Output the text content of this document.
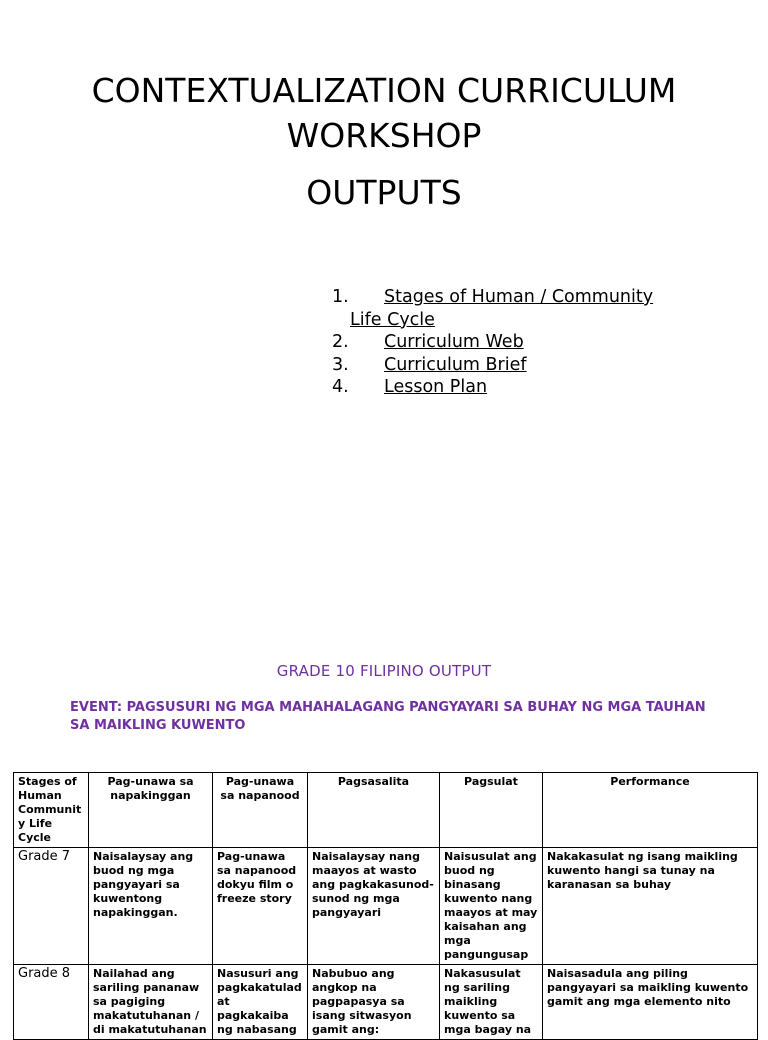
CONTEXTUALIZATION CURRICULUM
WORKSHOP
OUTPUTS
1. Stages of Human / Community
Life Cycle
2. Curriculum Web
3. Curriculum Brief
4. Lesson Plan
GRADE 10 FILIPINO OUTPUT
EVENT: PAGSUSURI NG MGA MAHAHALAGANG PANGYAYARI SA BUHAY NG MGA TAUHAN SA MAIKLING KUWENTO
Stages of Human Communit y Life Cycle	Pag-unawa sa napakinggan	Pag-unawa sa napanood	Pagsasalita	Pagsulat	Performance
Grade 7	Naisalaysay ang buod ng mga pangyayari sa kuwentong napakinggan.	Pag-unawa sa napanood dokyu film o freeze story	Naisalaysay nang maayos at wasto ang pagkakasunod-sunod ng mga pangyayari	Naisusulat ang buod ng binasang kuwento nang maayos at may kaisahan ang mga pangungusap	Nakakasulat ng isang maikling kuwento hangi sa tunay na karanasan sa buhay
Grade 8	Nailahad ang sariling pananaw sa pagiging makatutuhanan / di makatutuhanan	Nasusuri ang pagkakatulad at pagkakaiba ng nabasang	Nabubuo ang angkop na pagpapasya sa isang sitwasyon gamit ang:	Nakasusulat ng sariling maikling kuwento sa mga bagay na	Naisasadula ang piling pangyayari sa maikling kuwento gamit ang mga elemento nito
